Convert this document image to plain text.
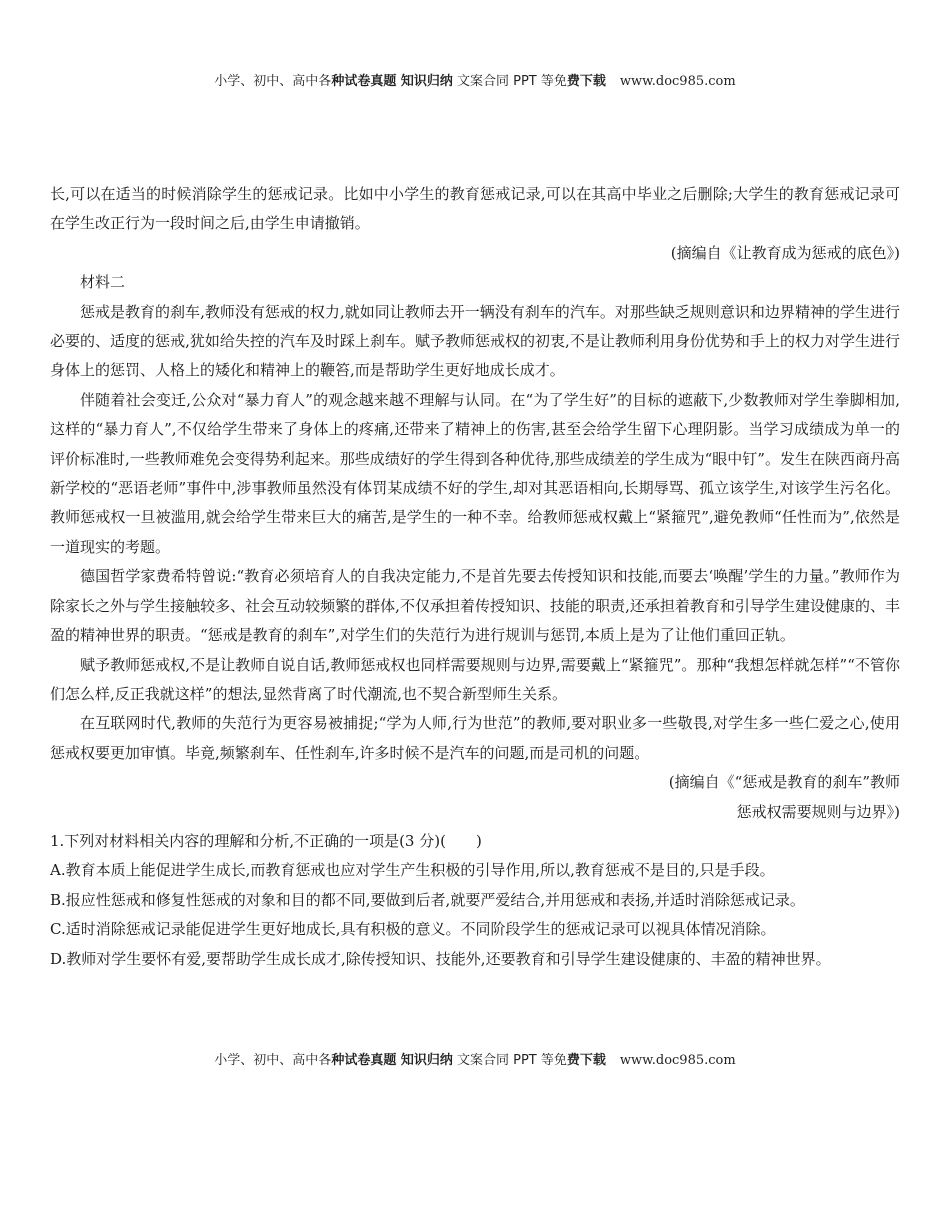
小学、初中、高中各种试卷真题 知识归纳 文案合同 PPT 等免费下载 www.doc985.com

长,可以在适当的时候消除学生的惩戒记录。比如中小学生的教育惩戒记录,可以在其高中毕业之后删除;大学生的教育惩戒记录可在学生改正行为一段时间之后,由学生申请撤销。

(摘编自《让教育成为惩戒的底色》)

材料二

惩戒是教育的刹车,教师没有惩戒的权力,就如同让教师去开一辆没有刹车的汽车。对那些缺乏规则意识和边界精神的学生进行必要的、适度的惩戒,犹如给失控的汽车及时踩上刹车。赋予教师惩戒权的初衷,不是让教师利用身份优势和手上的权力对学生进行身体上的惩罚、人格上的矮化和精神上的鞭笞,而是帮助学生更好地成长成才。

伴随着社会变迁,公众对“暴力育人”的观念越来越不理解与认同。在“为了学生好”的目标的遮蔽下,少数教师对学生拳脚相加,这样的“暴力育人”,不仅给学生带来了身体上的疼痛,还带来了精神上的伤害,甚至会给学生留下心理阴影。当学习成绩成为单一的评价标准时,一些教师难免会变得势利起来。那些成绩好的学生得到各种优待,那些成绩差的学生成为“眼中钉”。发生在陕西商丹高新学校的“恶语老师”事件中,涉事教师虽然没有体罚某成绩不好的学生,却对其恶语相向,长期辱骂、孤立该学生,对该学生污名化。教师惩戒权一旦被滥用,就会给学生带来巨大的痛苦,是学生的一种不幸。给教师惩戒权戴上“紧箍咒”,避免教师“任性而为”,依然是一道现实的考题。

德国哲学家费希特曾说:“教育必须培育人的自我决定能力,不是首先要去传授知识和技能,而要去‘唤醒’学生的力量。”教师作为除家长之外与学生接触较多、社会互动较频繁的群体,不仅承担着传授知识、技能的职责,还承担着教育和引导学生建设健康的、丰盈的精神世界的职责。“惩戒是教育的刹车”,对学生们的失范行为进行规训与惩罚,本质上是为了让他们重回正轨。

赋予教师惩戒权,不是让教师自说自话,教师惩戒权也同样需要规则与边界,需要戴上“紧箍咒”。那种“我想怎样就怎样”“不管你们怎么样,反正我就这样”的想法,显然背离了时代潮流,也不契合新型师生关系。

在互联网时代,教师的失范行为更容易被捕捉;“学为人师,行为世范”的教师,要对职业多一些敬畏,对学生多一些仁爱之心,使用惩戒权要更加审慎。毕竟,频繁刹车、任性刹车,许多时候不是汽车的问题,而是司机的问题。

(摘编自《“惩戒是教育的刹车”教师

惩戒权需要规则与边界》)

1.下列对材料相关内容的理解和分析,不正确的一项是(3 分)(　　)

A.教育本质上能促进学生成长,而教育惩戒也应对学生产生积极的引导作用,所以,教育惩戒不是目的,只是手段。

B.报应性惩戒和修复性惩戒的对象和目的都不同,要做到后者,就要严爱结合,并用惩戒和表扬,并适时消除惩戒记录。

C.适时消除惩戒记录能促进学生更好地成长,具有积极的意义。不同阶段学生的惩戒记录可以视具体情况消除。

D.教师对学生要怀有爱,要帮助学生成长成才,除传授知识、技能外,还要教育和引导学生建设健康的、丰盈的精神世界。

小学、初中、高中各种试卷真题 知识归纳 文案合同 PPT 等免费下载 www.doc985.com
